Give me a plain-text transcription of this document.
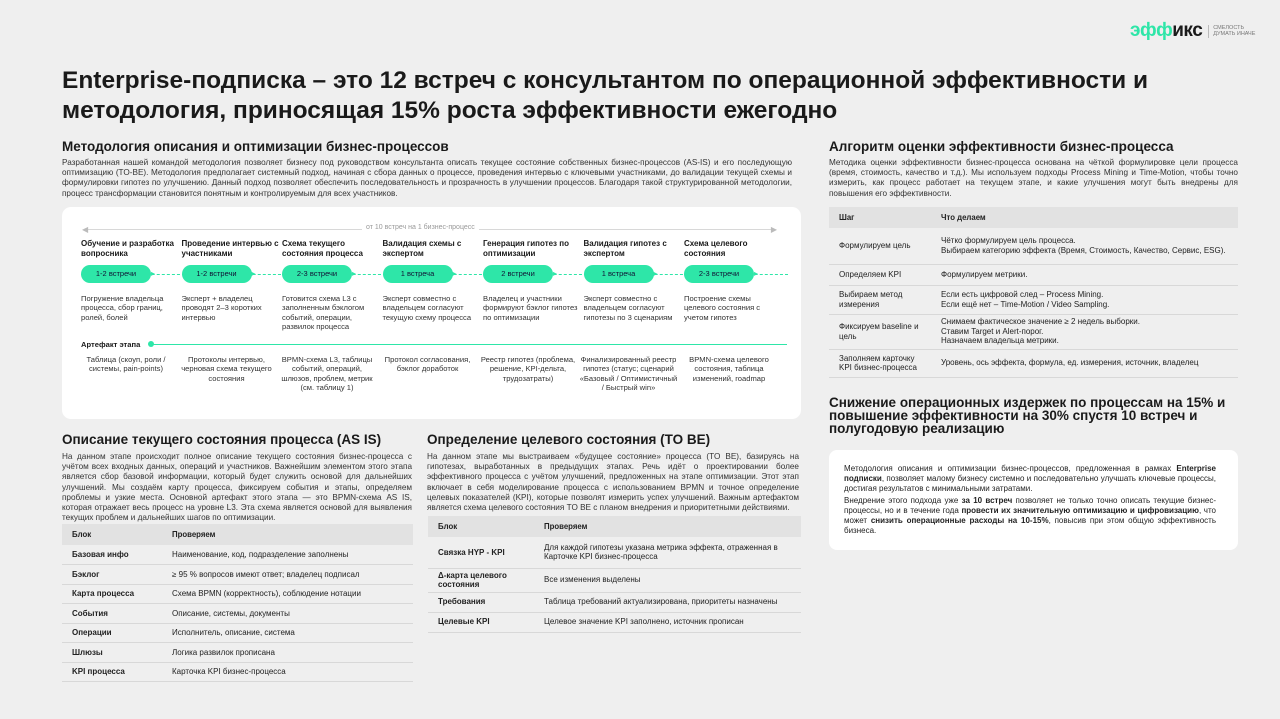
эффикс	СМЕЛОСТЬ ДУМАТЬ ИНАЧЕ
Enterprise-подписка – это 12 встреч с консультантом по операционной эффективности и методология, приносящая 15% роста эффективности ежегодно
Методология описания и оптимизации бизнес-процессов

Разработанная нашей командой методология позволяет бизнесу под руководством консультанта описать текущее состояние собственных бизнес-процессов (AS-IS) и его последующую оптимизацию (TO-BE). Методология предполагает системный подход, начиная с сбора данных о процессе, проведения интервью с ключевыми участниками, до валидации текущей схемы и формулировки гипотез по улучшению. Данный подход позволяет обеспечить последовательность и прозрачность в улучшении процессов. Благодаря такой структурированной методологии, процесс трансформации становится понятным и контролируемым для всех участников.

◀	▶
от 10 встреч на 1 бизнес-процесс
Обучение и разработка вопросника
1-2 встречи	▸
Погружение владельца процесса, сбор границ, ролей, болей
Проведение интервью с участниками
1-2 встречи	▸
Эксперт + владелец проводят 2–3 коротких интервью
Схема текущего состояния процесса
2-3 встречи	▸
Готовится схема L3 с заполненным бэклогом событий, операции, развилок процесса
Валидация схемы с экспертом
1 встреча	▸
Эксперт совместно с владельцем согласуют текущую схему процесса
Генерация гипотез по оптимизации
2 встречи	▸
Владелец и участники формируют бэклог гипотез по оптимизации
Валидация гипотез с экспертом
1 встреча	▸
Эксперт совместно с владельцем согласуют гипотезы по 3 сценариям
Схема целевого состояния
2-3 встречи	▸
Построение схемы целевого состояния с учетом гипотез
Артефакт этапа
Таблица (скоуп, роли / системы, pain-points)
Протоколы интервью, черновая схема текущего состояния
BPMN-схема L3, таблицы событий, операций, шлюзов, проблем, метрик (см. таблицу 1)
Протокол согласования, бэклог доработок
Реестр гипотез (проблема, решение, KPI-дельта, трудозатраты)
Финализированный реестр гипотез (статус; сценарий «Базовый / Оптимистичный / Быстрый win»
BPMN-схема целевого состояния, таблица изменений, roadmap
Описание текущего состояния процесса (AS IS)

На данном этапе происходит полное описание текущего состояния бизнес-процесса с учётом всех входных данных, операций и участников. Важнейшим элементом этого этапа является сбор базовой информации, который будет служить основой для дальнейших улучшений. Мы создаём карту процесса, фиксируем события и этапы, определяем проблемы и узкие места. Основной артефакт этого этапа — это BPMN-схема AS IS, которая отражает весь процесс на уровне L3. Эта схема является основой для выявления текущих проблем и дальнейших шагов по оптимизации.

Блок	Проверяем
Базовая инфо	Наименование, код, подразделение заполнены
Бэклог	≥ 95 % вопросов имеют ответ; владелец подписал
Карта процесса	Схема BPMN (корректность), соблюдение нотации
События	Описание, системы, документы
Операции	Исполнитель, описание, система
Шлюзы	Логика развилок прописана
KPI процесса	Карточка KPI бизнес-процесса
Определение целевого состояния (TO BE)

На данном этапе мы выстраиваем «будущее состояние» процесса (TO BE), базируясь на гипотезах, выработанных в предыдущих этапах. Речь идёт о проектировании более эффективного процесса с учётом улучшений, предложенных на этапе оптимизации. Этот этап включает в себя моделирование процесса с использованием BPMN и точное определение целевых показателей (KPI), которые позволят измерить успех улучшений. Важным артефактом является схема целевого состояния TO BE с планом внедрения и приоритетными действиями.

Блок	Проверяем
Связка HYP - KPI	Для каждой гипотезы указана метрика эффекта, отраженная в Карточке KPI бизнес-процесса
Δ-карта целевого состояния	Все изменения выделены
Требования	Таблица требований актуализирована, приоритеты назначены
Целевые KPI	Целевое значение KPI заполнено, источник прописан
Алгоритм оценки эффективности бизнес-процесса

Методика оценки эффективности бизнес-процесса основана на чёткой формулировке цели процесса (время, стоимость, качество и т.д.). Мы используем подходы Process Mining и Time-Motion, чтобы точно измерить, как процесс работает на текущем этапе, и какие улучшения могут быть внедрены для повышения его эффективности.

Шаг	Что делаем
Формулируем цель	Чётко формулируем цель процесса.
Выбираем категорию эффекта (Время, Стоимость, Качество, Сервис, ESG).
Определяем KPI	Формулируем метрики.
Выбираем метод измерения	Если есть цифровой след – Process Mining.
Если ещё нет – Time-Motion / Video Sampling.
Фиксируем baseline и цель	Снимаем фактическое значение ≥ 2 недель выборки.
Ставим Target и Alert-порог.
Назначаем владельца метрики.
Заполняем карточку KPI бизнес-процесса	Уровень, ось эффекта, формула, ед. измерения, источник, владелец
Снижение операционных издержек по процессам на 15% и повышение эффективности на 30% спустя 10 встреч и полугодовую реализацию

Методология описания и оптимизации бизнес-процессов, предложенная в рамках Enterprise подписки, позволяет малому бизнесу системно и последовательно улучшать ключевые процессы, достигая результатов с минимальными затратами.

Внедрение этого подхода уже за 10 встреч позволяет не только точно описать текущие бизнес-процессы, но и в течение года провести их значительную оптимизацию и цифровизацию, что может снизить операционные расходы на 10-15%, повысив при этом общую эффективность бизнеса.
